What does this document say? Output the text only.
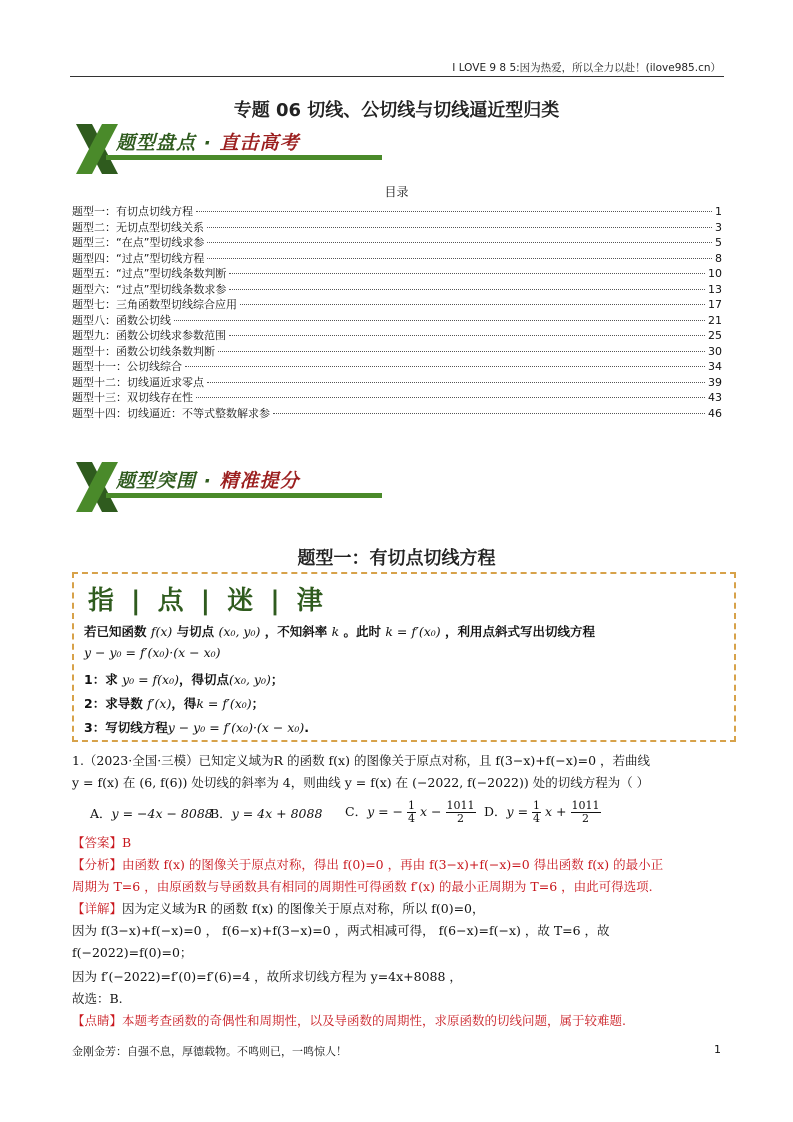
I LOVE 9 8 5:因为热爱，所以全力以赴！(ilove985.cn）
专题 06 切线、公切线与切线逼近型归类
题型盘点 · 直击高考
目录
题型一：有切点切线方程	1
题型二：无切点型切线关系	3
题型三：“在点”型切线求参	5
题型四：“过点”型切线方程	8
题型五：“过点”型切线条数判断	10
题型六：“过点”型切线条数求参	13
题型七：三角函数型切线综合应用	17
题型八：函数公切线	21
题型九：函数公切线求参数范围	25
题型十：函数公切线条数判断	30
题型十一：公切线综合	34
题型十二：切线逼近求零点	39
题型十三：双切线存在性	43
题型十四：切线逼近：不等式整数解求参	46
题型突围 · 精准提分
题型一：有切点切线方程
指 | 点 | 迷 | 津
若已知函数 f(x) 与切点 (x₀, y₀) ，不知斜率 k 。此时 k = f′(x₀) ，利用点斜式写出切线方程
y − y₀ = f′(x₀)·(x − x₀)
1：求 y₀ = f(x₀)，得切点(x₀, y₀)；
2：求导数 f′(x)，得k = f′(x₀)；
3：写切线方程y − y₀ = f′(x₀)·(x − x₀).
1.（2023·全国·三模）已知定义域为R 的函数 f(x) 的图像关于原点对称，且 f(3−x)+f(−x)=0 ，若曲线
y = f(x) 在 (6, f(6)) 处切线的斜率为 4，则曲线 y = f(x) 在 (−2022, f(−2022)) 处的切线方程为（ ）
A．y = −4x − 8088
B．y = 4x + 8088 C．y = − $\frac{1}{4}$ $x - \frac{1011}{2}$ D．$y = \frac{1}{4}$ $x + \frac{1011}{2}$
【答案】B
【分析】由函数 f(x) 的图像关于原点对称，得出 f(0)=0 ，再由 f(3−x)+f(−x)=0 得出函数 f(x) 的最小正
周期为 T=6 ，由原函数与导函数具有相同的周期性可得函数 f′(x) 的最小正周期为 T=6 ，由此可得选项.
【详解】因为定义域为R 的函数 f(x) 的图像关于原点对称，所以 f(0)=0，
因为 f(3−x)+f(−x)=0 ， f(6−x)+f(3−x)=0 ，两式相减可得， f(6−x)=f(−x) ，故 T=6 ，故
f(−2022)=f(0)=0；
因为 f′(−2022)=f′(0)=f′(6)=4 ，故所求切线方程为 y=4x+8088 ，
故选：B.
【点睛】本题考查函数的奇偶性和周期性，以及导函数的周期性，求原函数的切线问题，属于较难题.
金刚金芳：自强不息，厚德载物。不鸣则已，一鸣惊人！	1
